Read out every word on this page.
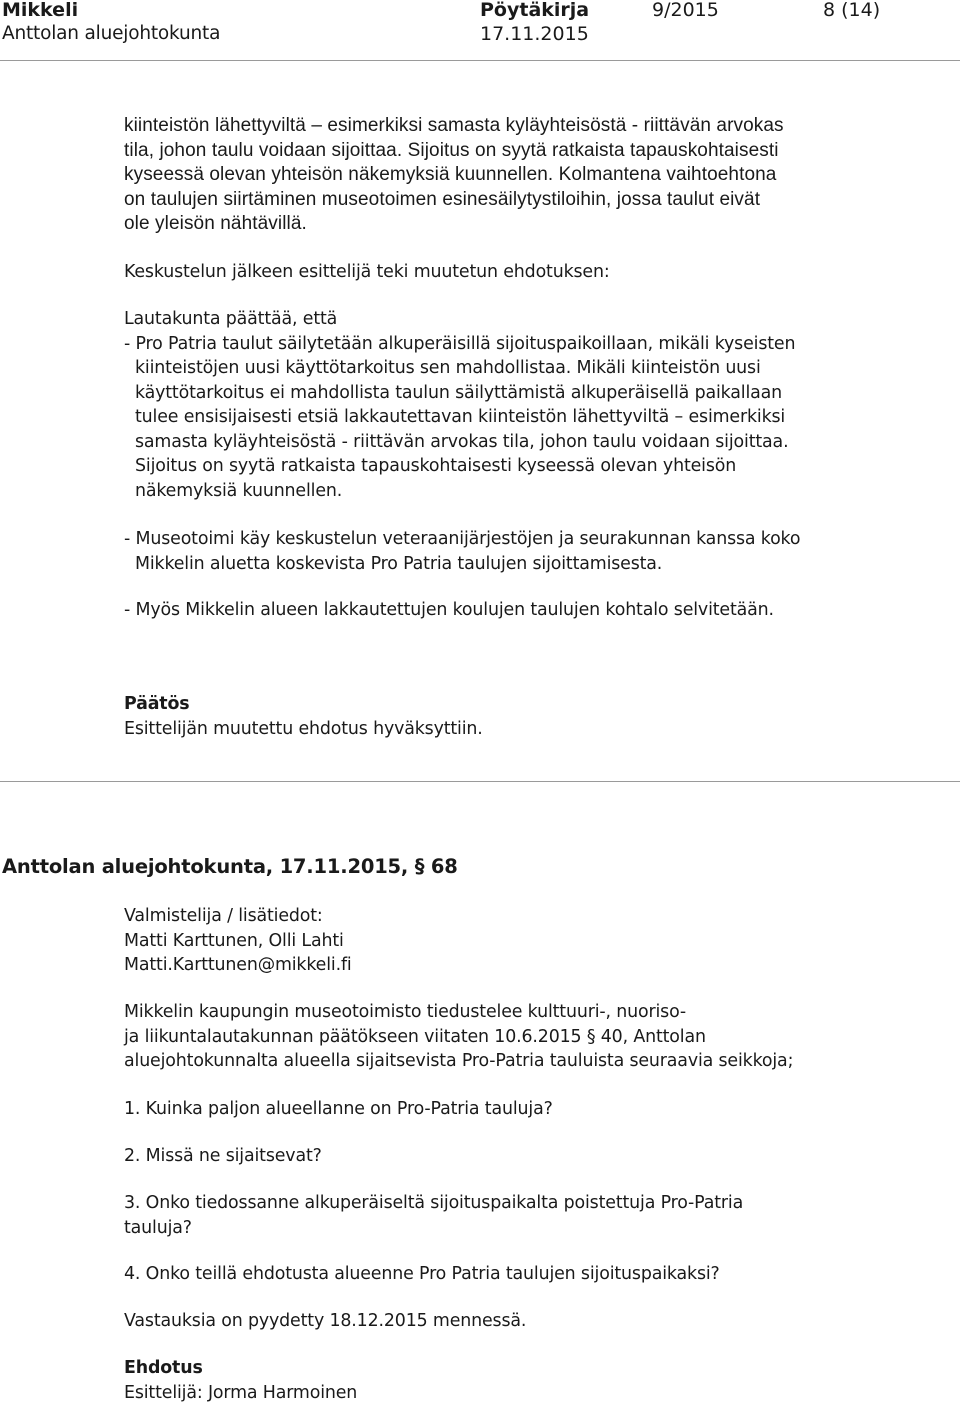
Mikkeli	Pöytäkirja	9/2015	8 (14)
Anttolan aluejohtokunta	17.11.2015
kiinteistön lähettyviltä – esimerkiksi samasta kyläyhteisöstä - riittävän arvokas
tila, johon taulu voidaan sijoittaa. Sijoitus on syytä ratkaista tapauskohtaisesti
kyseessä olevan yhteisön näkemyksiä kuunnellen. Kolmantena vaihtoehtona
on taulujen siirtäminen museotoimen esinesäilytystiloihin, jossa taulut eivät
ole yleisön nähtävillä.
Keskustelun jälkeen esittelijä teki muutetun ehdotuksen:
Lautakunta päättää, että
- Pro Patria taulut säilytetään alkuperäisillä sijoituspaikoillaan, mikäli kyseisten
kiinteistöjen uusi käyttötarkoitus sen mahdollistaa. Mikäli kiinteistön uusi
käyttötarkoitus ei mahdollista taulun säilyttämistä alkuperäisellä paikallaan
tulee ensisijaisesti etsiä lakkautettavan kiinteistön lähettyviltä – esimerkiksi
samasta kyläyhteisöstä - riittävän arvokas tila, johon taulu voidaan sijoittaa.
Sijoitus on syytä ratkaista tapauskohtaisesti kyseessä olevan yhteisön
näkemyksiä kuunnellen.
- Museotoimi käy keskustelun veteraanijärjestöjen ja seurakunnan kanssa koko
Mikkelin aluetta koskevista Pro Patria taulujen sijoittamisesta.
- Myös Mikkelin alueen lakkautettujen koulujen taulujen kohtalo selvitetään.
Päätös
Esittelijän muutettu ehdotus hyväksyttiin.
Anttolan aluejohtokunta, 17.11.2015, § 68
Valmistelija / lisätiedot:
Matti Karttunen, Olli Lahti
Matti.Karttunen@mikkeli.fi
Mikkelin kaupungin museotoimisto tiedustelee kulttuuri-, nuoriso-
ja liikuntalautakunnan päätökseen viitaten 10.6.2015 § 40, Anttolan
aluejohtokunnalta alueella sijaitsevista Pro-Patria tauluista seuraavia seikkoja;
1. Kuinka paljon alueellanne on Pro-Patria tauluja?
2. Missä ne sijaitsevat?
3. Onko tiedossanne alkuperäiseltä sijoituspaikalta poistettuja Pro-Patria
tauluja?
4. Onko teillä ehdotusta alueenne Pro Patria taulujen sijoituspaikaksi?
Vastauksia on pyydetty 18.12.2015 mennessä.
Ehdotus
Esittelijä: Jorma Harmoinen
